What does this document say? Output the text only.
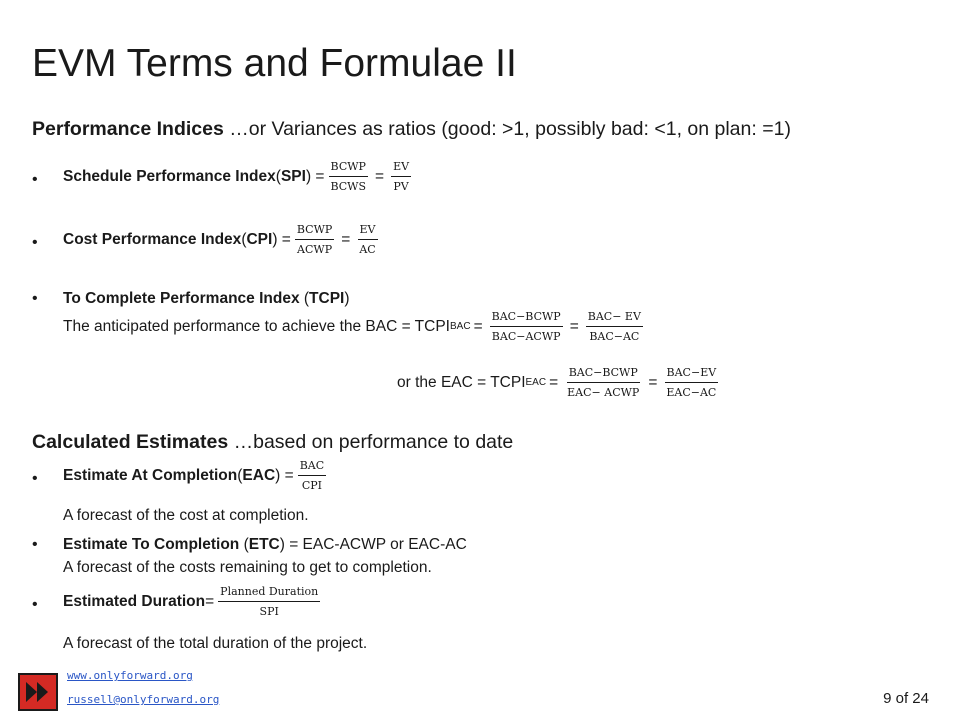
EVM Terms and Formulae II
Performance Indices …or Variances as ratios (good: >1, possibly bad: <1, on plan: =1)
• Schedule Performance Index ( SPI ) = $\frac{\text{BCWP}}{\text{BCWS}} = \frac{EV}{PV}$
• Cost Performance Index ( CPI ) = $\frac{\text{BCWP}}{\text{ACWP}} = \frac{EV}{AC}$
• To Complete Performance Index (TCPI)
The anticipated performance to achieve the BAC = TCPI BAC = $\frac{\text{BAC−BCWP}}{\text{BAC−ACWP}} = \frac{\text{BAC− EV}}{\text{BAC−AC}}$
or the EAC = TCPI EAC = $\frac{\text{BAC−BCWP}}{\text{EAC− ACWP}} = \frac{\text{BAC−EV}}{\text{EAC−AC}}$
Calculated Estimates …based on performance to date
• Estimate At Completion ( EAC ) = $\frac{\text{BAC}}{\text{CPI}}$
A forecast of the cost at completion.
• Estimate To Completion (ETC) = EAC-ACWP or EAC-AC
A forecast of the costs remaining to get to completion.
• Estimated Duration = $\frac{\text{Planned Duration}}{\text{SPI}}$
A forecast of the total duration of the project.
www.onlyforward.org
russell@onlyforward.org	9 of 24
